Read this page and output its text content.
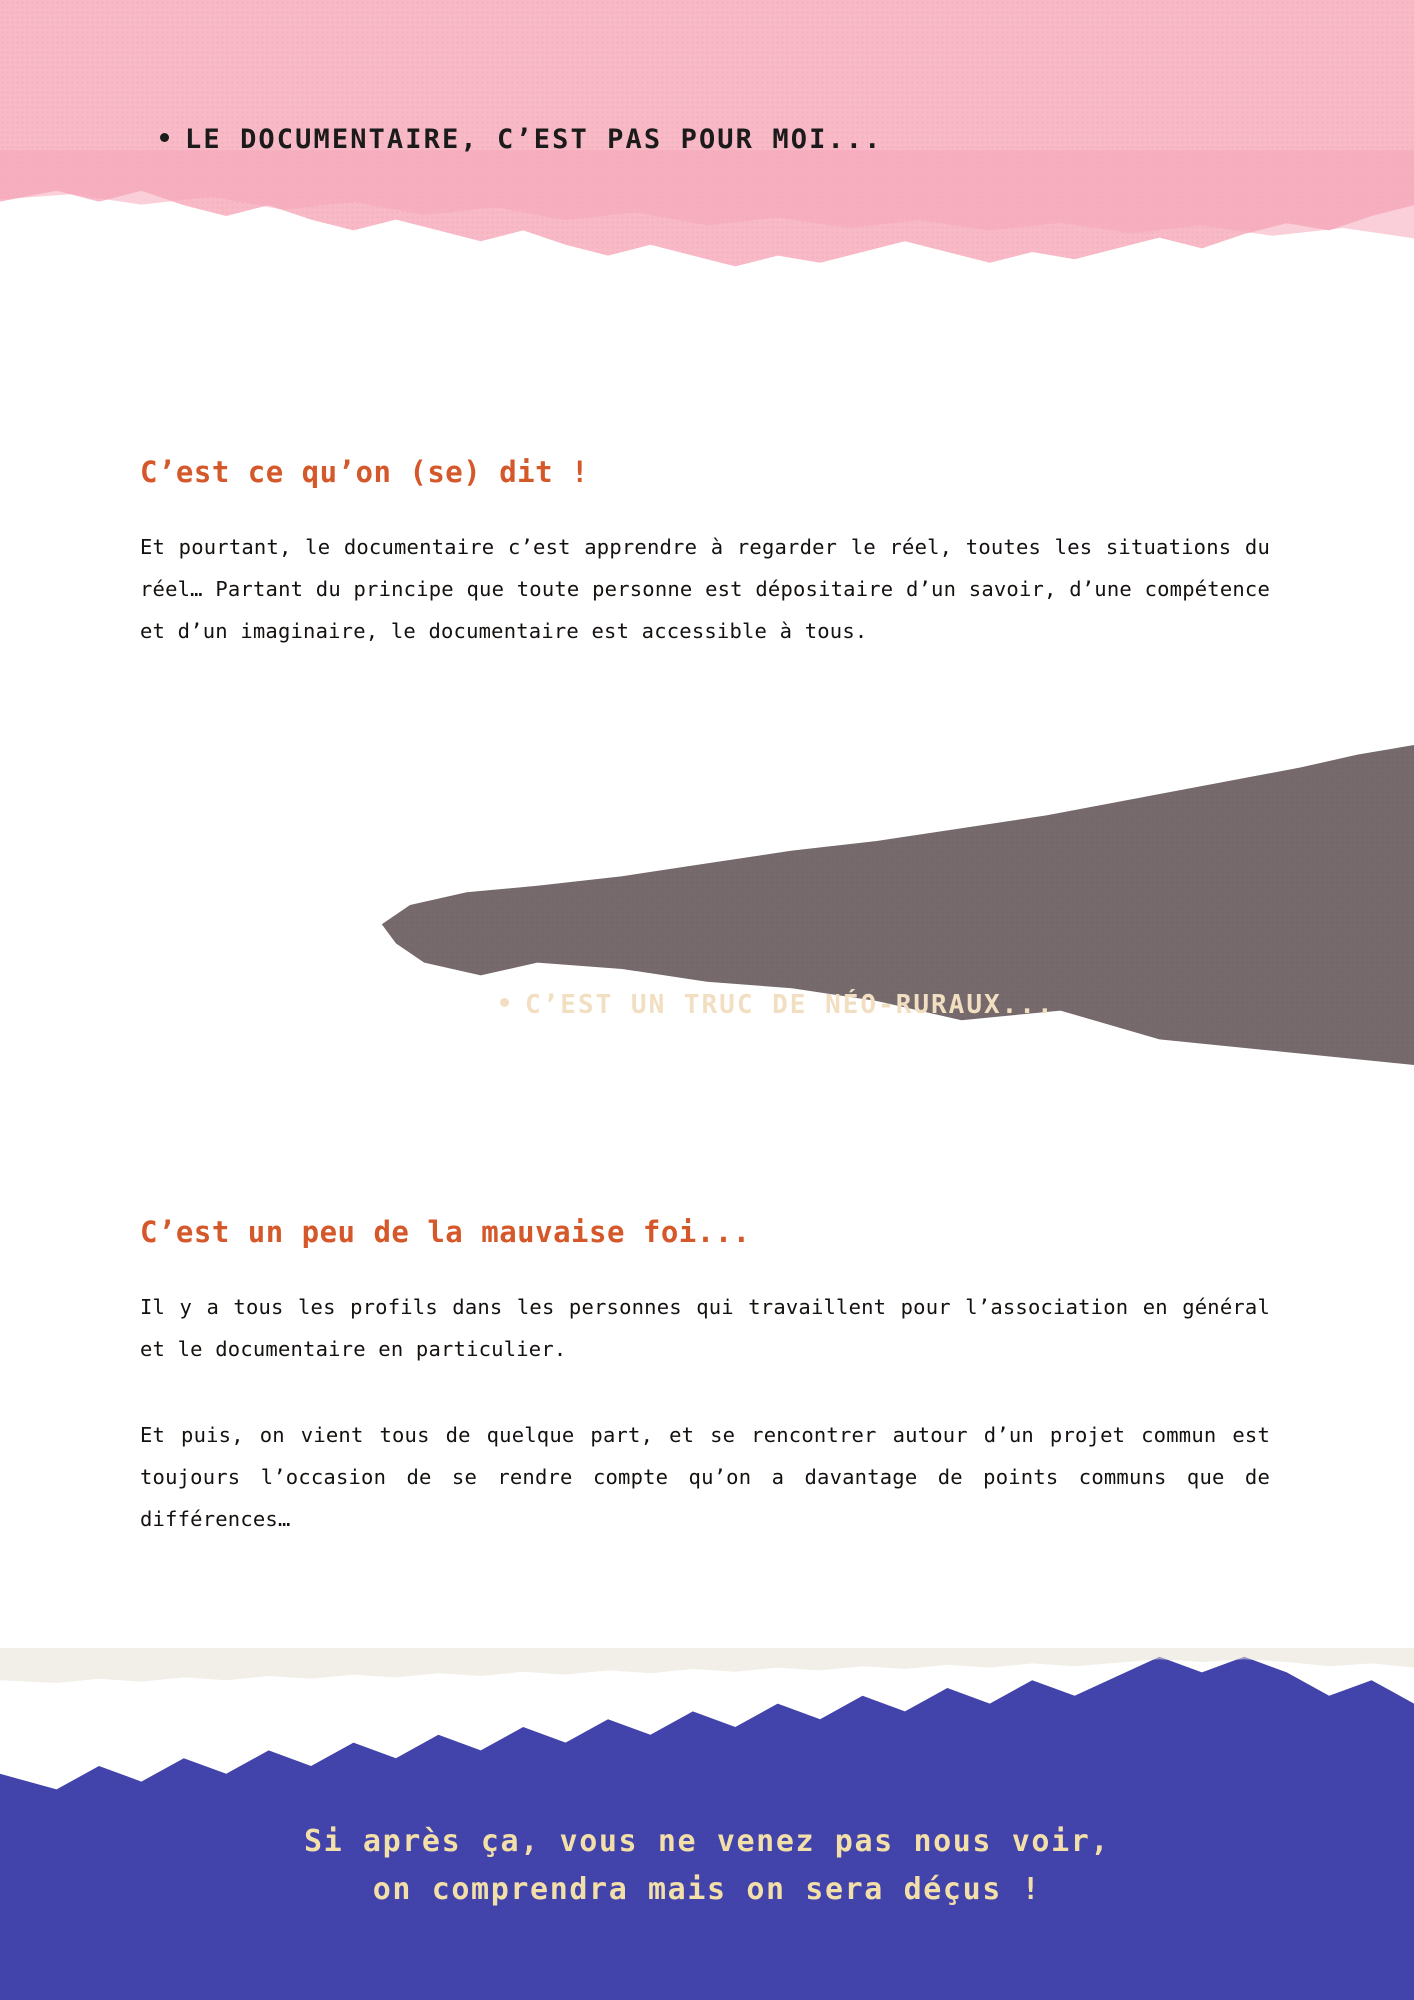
LE DOCUMENTAIRE, C’EST PAS POUR MOI...
C’est ce qu’on (se) dit !

Et pourtant, le documentaire c’est apprendre à regarder le réel, toutes les situations du réel… Partant du principe que toute personne est dépositaire d’un savoir, d’une compétence et d’un imaginaire, le documentaire est accessible à tous.

C’EST UN TRUC DE NÉO-RURAUX...
C’est un peu de la mauvaise foi...

Il y a tous les profils dans les personnes qui travaillent pour l’association en général et le documentaire en particulier.

Et puis, on vient tous de quelque part, et se rencontrer autour d’un projet commun est toujours l’occasion de se rendre compte qu’on a davantage de points communs que de différences…

Si après ça, vous ne venez pas nous voir,
on comprendra mais on sera déçus !
